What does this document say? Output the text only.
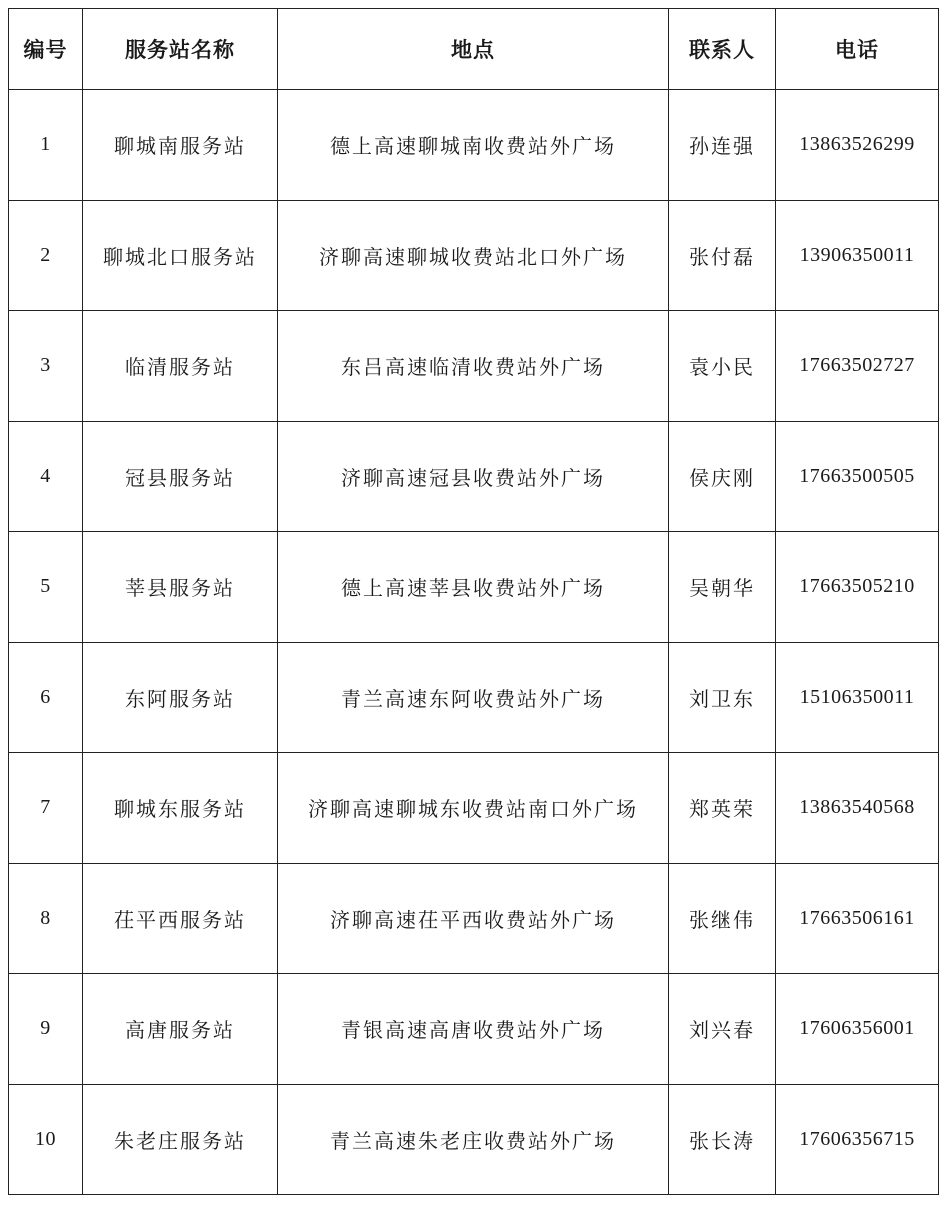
编号	服务站名称	地点	联系人	电话
1	聊城南服务站	德上高速聊城南收费站外广场	孙连强	13863526299
2	聊城北口服务站	济聊高速聊城收费站北口外广场	张付磊	13906350011
3	临清服务站	东吕高速临清收费站外广场	袁小民	17663502727
4	冠县服务站	济聊高速冠县收费站外广场	侯庆刚	17663500505
5	莘县服务站	德上高速莘县收费站外广场	吴朝华	17663505210
6	东阿服务站	青兰高速东阿收费站外广场	刘卫东	15106350011
7	聊城东服务站	济聊高速聊城东收费站南口外广场	郑英荣	13863540568
8	茌平西服务站	济聊高速茌平西收费站外广场	张继伟	17663506161
9	高唐服务站	青银高速高唐收费站外广场	刘兴春	17606356001
10	朱老庄服务站	青兰高速朱老庄收费站外广场	张长涛	17606356715
